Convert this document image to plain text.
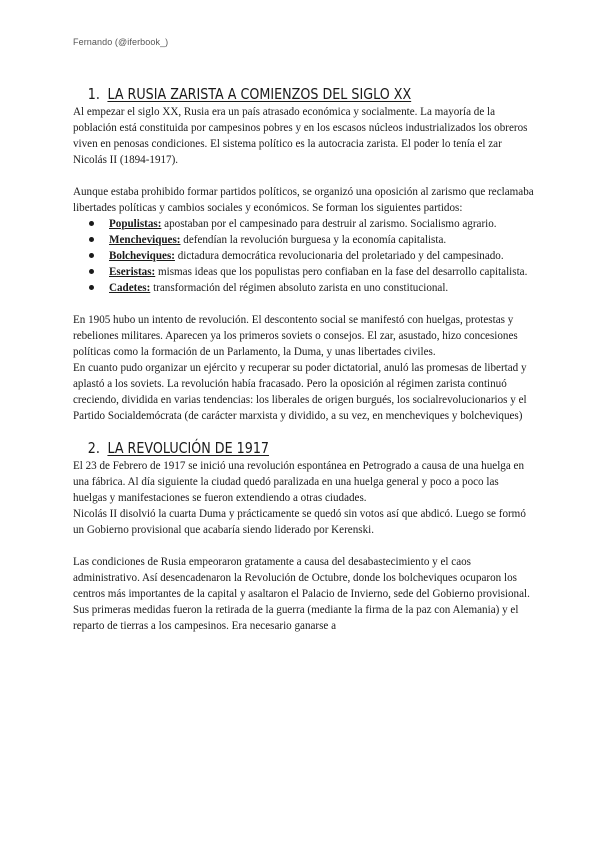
Fernando (@iferbook_)
1. LA RUSIA ZARISTA A COMIENZOS DEL SIGLO XX

Al empezar el siglo XX, Rusia era un país atrasado económica y socialmente. La mayoría de la población está constituida por campesinos pobres y en los escasos núcleos industrializados los obreros viven en penosas condiciones. El sistema político es la autocracia zarista. El poder lo tenía el zar Nicolás II (1894-1917).

Aunque estaba prohibido formar partidos políticos, se organizó una oposición al zarismo que reclamaba libertades políticas y cambios sociales y económicos. Se forman los siguientes partidos:

Populistas: apostaban por el campesinado para destruir al zarismo. Socialismo agrario.
Mencheviques: defendían la revolución burguesa y la economía capitalista.
Bolcheviques: dictadura democrática revolucionaria del proletariado y del campesinado.
Eseristas: mismas ideas que los populistas pero confiaban en la fase del desarrollo capitalista.
Cadetes: transformación del régimen absoluto zarista en uno constitucional.

En 1905 hubo un intento de revolución. El descontento social se manifestó con huelgas, protestas y rebeliones militares. Aparecen ya los primeros soviets o consejos. El zar, asustado, hizo concesiones políticas como la formación de un Parlamento, la Duma, y unas libertades civiles.

En cuanto pudo organizar un ejército y recuperar su poder dictatorial, anuló las promesas de libertad y aplastó a los soviets. La revolución había fracasado. Pero la oposición al régimen zarista continuó creciendo, dividida en varias tendencias: los liberales de origen burgués, los socialrevolucionarios y el Partido Socialdemócrata (de carácter marxista y dividido, a su vez, en mencheviques y bolcheviques)

2. LA REVOLUCIÓN DE 1917

El 23 de Febrero de 1917 se inició una revolución espontánea en Petrogrado a causa de una huelga en una fábrica. Al día siguiente la ciudad quedó paralizada en una huelga general y poco a poco las huelgas y manifestaciones se fueron extendiendo a otras ciudades.

Nicolás II disolvió la cuarta Duma y prácticamente se quedó sin votos así que abdicó. Luego se formó un Gobierno provisional que acabaría siendo liderado por Kerenski.

Las condiciones de Rusia empeoraron gratamente a causa del desabastecimiento y el caos administrativo. Así desencadenaron la Revolución de Octubre, donde los bolcheviques ocuparon los centros más importantes de la capital y asaltaron el Palacio de Invierno, sede del Gobierno provisional. Sus primeras medidas fueron la retirada de la guerra (mediante la firma de la paz con Alemania) y el reparto de tierras a los campesinos. Era necesario ganarse a
